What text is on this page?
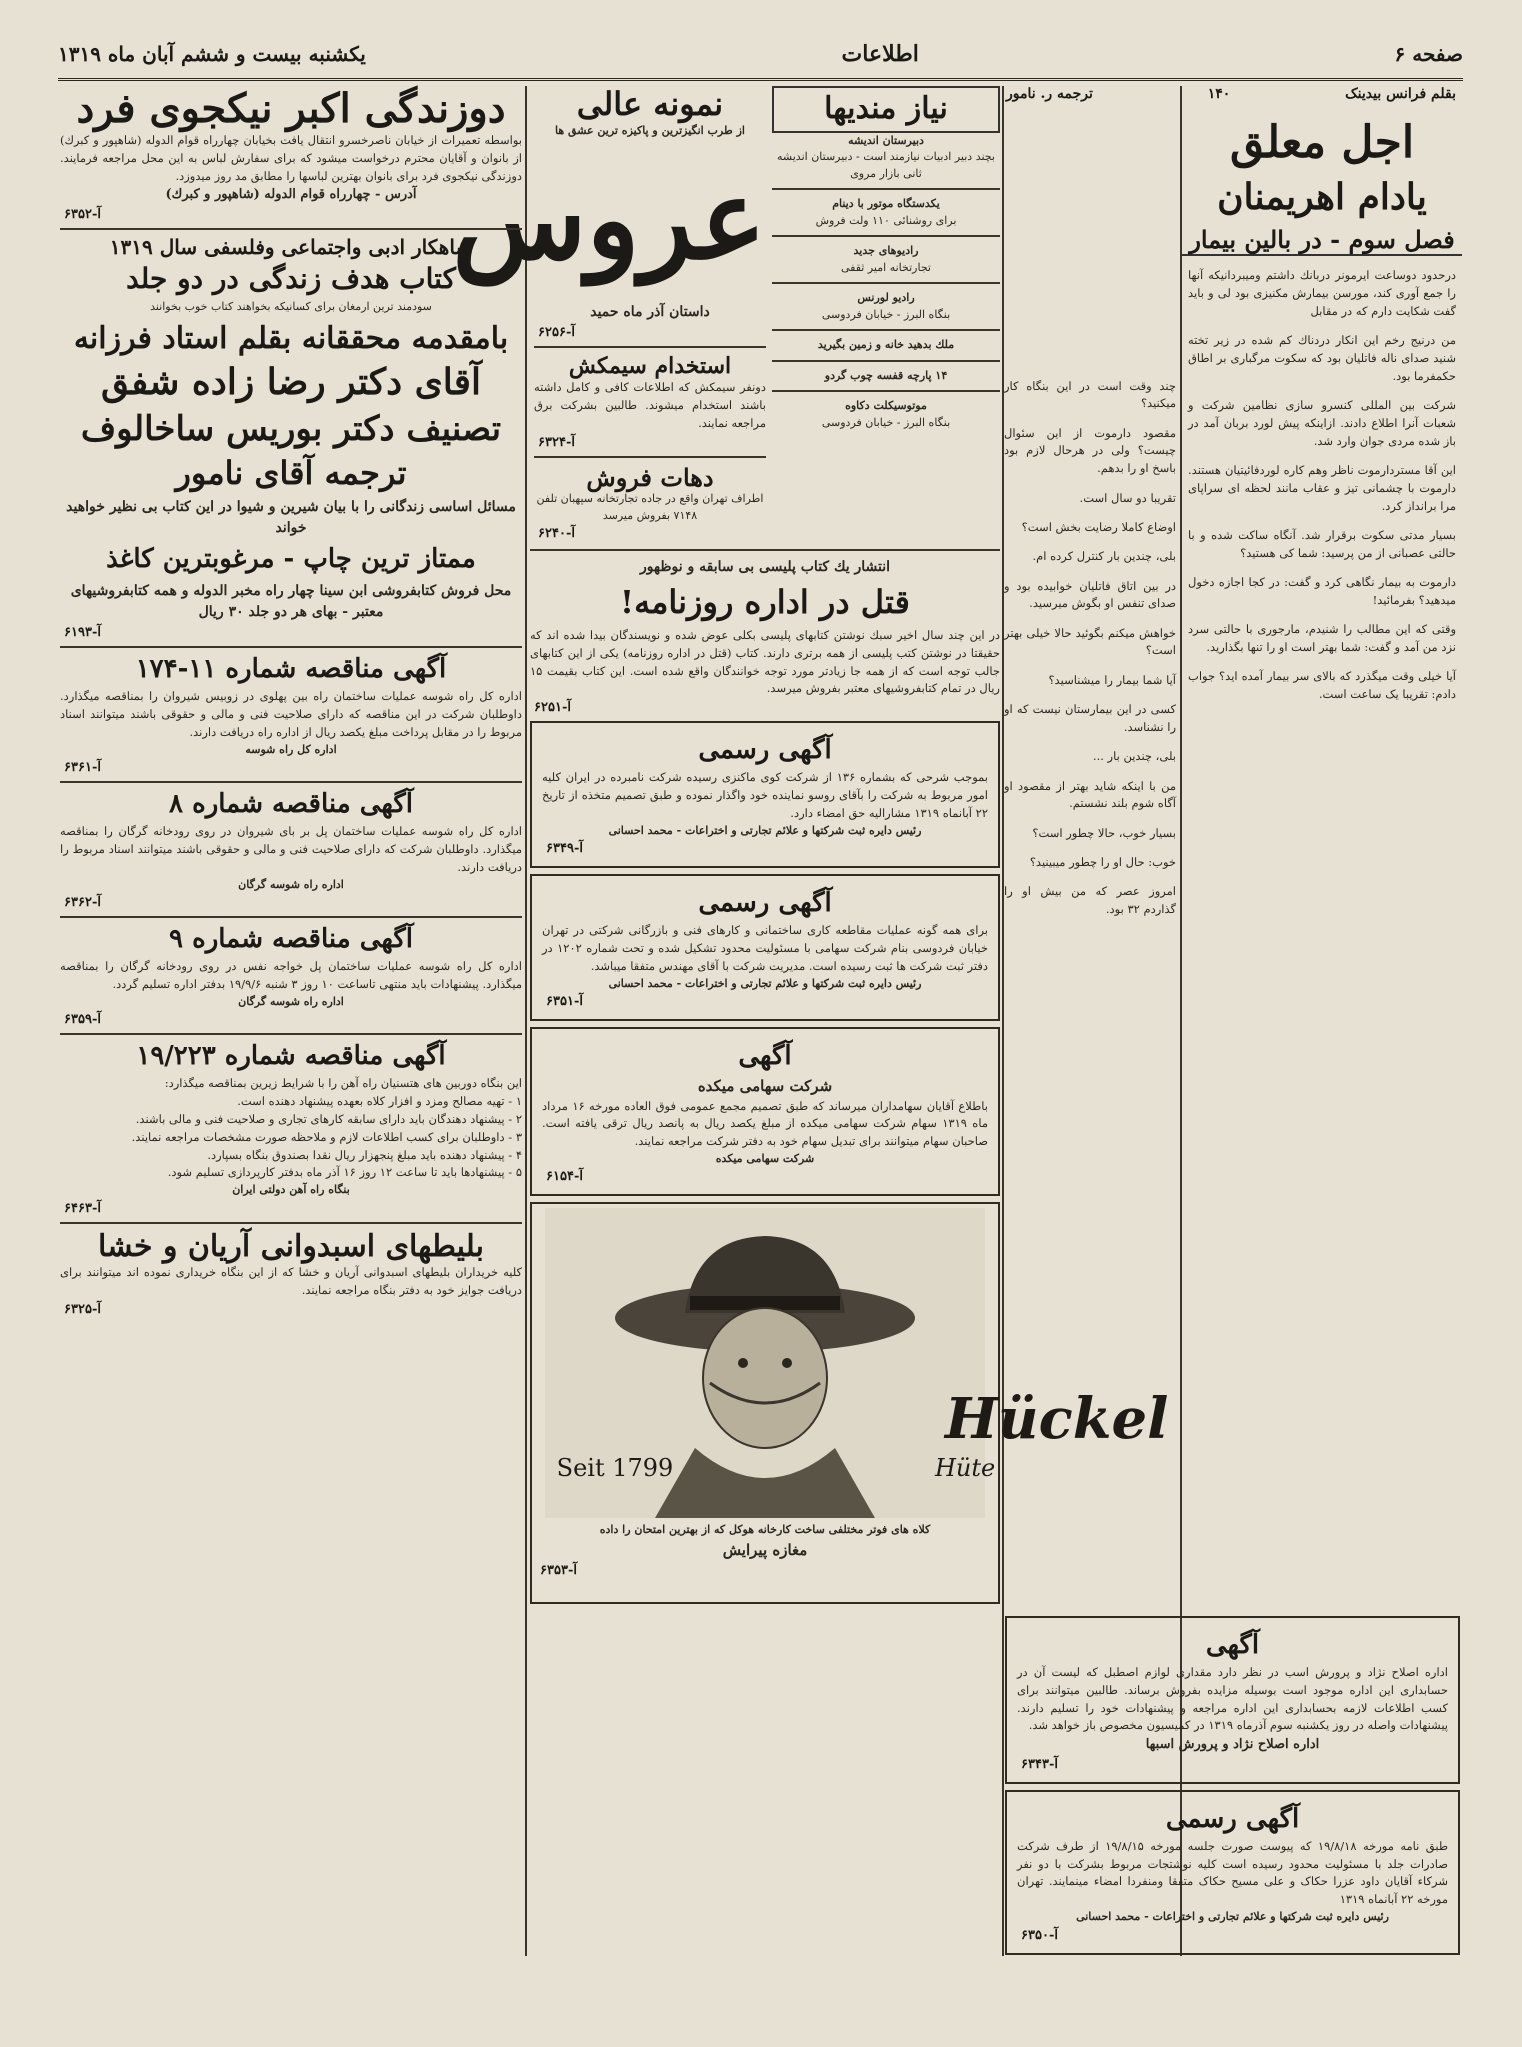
صفحه ۶
اطلاعات
یکشنبه بیست و ششم آبان ماه ۱۳۱۹
بقلم فرانس بیدینک
۱۴۰
ترجمه ر. نامور
اجل معلق
یادام اهریمنان
فصل سوم - در بالین بیمار

درحدود دوساعت ایرمونر دربانك داشتم ومیبردانیکه آنها را جمع آوری کند، مورسن بیمارش مکنیزی بود لی و باید گفت شکایت دارم که در مقابل

من درنیج رخم این انکار دردناك کم شده در زیر تخته شنید صدای ناله فاتلیان بود که سکوت مرگباری بر اطاق حکمفرما بود.

شرکت بین المللی کنسرو سازی نظامین شرکت و شعبات آنرا اطلاع دادند. ازاینکه پیش لورد بربان آمد در باز شده مردی جوان وارد شد.

این آقا مستردارموت ناظر وهم کاره لوردفائیتیان هستند. دارموت با چشمانی تیز و عقاب مانند لحظه ای سراپای مرا برانداز کرد.

بسیار مدتی سکوت برقرار شد. آنگاه ساکت شده و با حالتی عصبانی از من پرسید: شما کی هستید؟

دارموت به بیمار نگاهی کرد و گفت: در کجا اجازه دخول میدهید؟ بفرمائید!

وقتی که این مطالب را شنیدم، مارجوری با حالتی سرد نزد من آمد و گفت: شما بهتر است او را تنها بگذارید.

آیا خیلی وقت میگذرد که بالای سر بیمار آمده اید؟ جواب دادم: تقریبا یک ساعت است.

چند وقت است در این بنگاه کار میکنید؟

مقصود دارموت از این سئوال چیست؟ ولی در هرحال لازم بود باسخ او را بدهم.

تقریبا دو سال است.

اوضاع کاملا رضایت بخش است؟

بلی، چندین بار کنترل کرده ام.

در بین اتاق فاتلیان خوابیده بود و صدای تنفس او بگوش میرسید.

خواهش میکنم بگوئید حالا خیلی بهتر است؟

آیا شما بیمار را میشناسید؟

کسی در این بیمارستان نیست که او را نشناسد.

بلی، چندین بار ...

من با اینکه شاید بهتر از مقصود او آگاه شوم بلند نشستم.

بسیار خوب، حالا چطور است؟

خوب: حال او را چطور میبینید؟

امروز عصر که من بیش او را گذاردم ۳۲ بود.

آگهی
اداره اصلاح نژاد و پرورش اسب در نظر دارد مقداری لوازم اصطبل که لیست آن در حسابداری این اداره موجود است بوسیله مزایده بفروش برساند. طالبین میتوانند برای کسب اطلاعات لازمه بحسابداری این اداره مراجعه و پیشنهادات خود را تسلیم دارند. پیشنهادات واصله در روز یکشنبه سوم آذرماه ۱۳۱۹ در کمیسیون مخصوص باز خواهد شد.
اداره اصلاح نژاد و پرورش اسبها
آ-۶۳۴۳
آگهی رسمی
طبق نامه مورخه ۱۹/۸/۱۸ که پیوست صورت جلسه مورخه ۱۹/۸/۱۵ از طرف شرکت صادرات جلد با مسئولیت محدود رسیده است کلیه نوشتجات مربوط بشرکت با دو نفر شرکاء آقایان داود عزرا حکاک و علی مسیح حکاک متفقا ومنفردا امضاء مینمایند. تهران مورخه ۲۲ آبانماه ۱۳۱۹
رئیس دایره ثبت شرکتها و علائم تجارتی و اختراعات - محمد احسانی
آ-۶۳۵۰
نیاز مندیها
دبیرستان اندیشه
بچند دبیر ادبیات نیازمند است - دبیرستان اندیشه ثانی بازار مروی
یکدستگاه موتور با دینام
برای روشنائی ۱۱۰ ولت فروش
رادیوهای جدید
تجارتخانه امیر ثقفی
رادیو لورنس
بنگاه البرز - خیابان فردوسی
ملك بدهید خانه و زمین بگیرید
۱۴ پارچه قفسه چوب گردو
موتوسیکلت دکاوه
بنگاه البرز - خیابان فردوسی
نمونه عالی
از طرب انگیزترین و پاکیزه ترین عشق ها
عروس
داستان آذر ماه حمید
آ-۶۲۵۶
استخدام سیمکش
دونفر سیمکش که اطلاعات کافی و کامل داشته باشند استخدام میشوند. طالبین بشرکت برق مراجعه نمایند.
آ-۶۳۲۴
دهات فروش
اطراف تهران واقع در جاده تجارتخانه سپهبان تلفن ۷۱۴۸ بفروش میرسد
آ-۶۲۴۰
انتشار یك کتاب پلیسی بی سابقه و نوظهور
قتل در اداره روزنامه!
در این چند سال اخیر سبك نوشتن کتابهای پلیسی بکلی عوض شده و نویسندگان بیدا شده اند که حقیقتا در نوشتن کتب پلیسی از همه برتری دارند. کتاب (قتل در اداره روزنامه) یکی از این کتابهای جالب توجه است که از همه جا زیادتر مورد توجه خوانندگان واقع شده است. این کتاب بقیمت ۱۵ ریال در تمام کتابفروشیهای معتبر بفروش میرسد.
آ-۶۲۵۱
آگهی رسمی
بموجب شرحی که بشماره ۱۳۶ از شرکت کوی ماکنزی رسیده شرکت نامبرده در ایران کلیه امور مربوط به شرکت را بآقای روسو نماینده خود واگذار نموده و طبق تصمیم متخذه از تاریخ ۲۲ آبانماه ۱۳۱۹ مشارالیه حق امضاء دارد.
رئیس دایره ثبت شرکتها و علائم تجارتی و اختراعات - محمد احسانی
آ-۶۳۴۹
آگهی رسمی
برای همه گونه عملیات مقاطعه کاری ساختمانی و کارهای فنی و بازرگانی شرکتی در تهران خیابان فردوسی بنام شرکت سهامی با مسئولیت محدود تشکیل شده و تحت شماره ۱۲۰۲ در دفتر ثبت شرکت ها ثبت رسیده است. مدیریت شرکت با آقای مهندس متفقا میباشد.
رئیس دایره ثبت شرکتها و علائم تجارتی و اختراعات - محمد احسانی
آ-۶۳۵۱
آگهی
شرکت سهامی میکده
باطلاع آقایان سهامداران میرساند که طبق تصمیم مجمع عمومی فوق العاده مورخه ۱۶ مرداد ماه ۱۳۱۹ سهام شرکت سهامی میکده از مبلغ یکصد ریال به پانصد ریال ترقی یافته است. صاحبان سهام میتوانند برای تبدیل سهام خود به دفتر شرکت مراجعه نمایند.
شرکت سهامی میکده
آ-۶۱۵۴
Hückel
Hüte
Seit 1799
کلاه های فوتر مختلفی ساخت کارخانه هوکل که از بهترین امتحان را داده
مغازه پیرایش
آ-۶۳۵۳
دوزندگی اکبر نیکجوی فرد
بواسطه تعمیرات از خیابان ناصرخسرو انتقال یافت بخیابان چهارراه قوام الدوله (شاهپور و کبرك) از بانوان و آقایان محترم درخواست میشود که برای سفارش لباس به این محل مراجعه فرمایند. دوزندگی نیکجوی فرد برای بانوان بهترین لباسها را مطابق مد روز میدوزد.
آدرس - چهارراه قوام الدوله (شاهپور و کبرك)
آ-۶۳۵۲
شاهکار ادبی واجتماعی وفلسفی سال ۱۳۱۹
کتاب هدف زندگی در دو جلد
سودمند ترین ارمغان برای کسانیکه بخواهند کتاب خوب بخوانند
بامقدمه محققانه بقلم استاد فرزانه
آقای دکتر رضا زاده شفق
تصنیف دکتر بوریس ساخالوف
ترجمه آقای نامور
مسائل اساسی زندگانی را با بیان شیرین و شیوا در این کتاب بی نظیر خواهید خواند
ممتاز ترین چاپ - مرغوبترین کاغذ
محل فروش کتابفروشی ابن سینا چهار راه مخبر الدوله و همه کتابفروشیهای معتبر - بهای هر دو جلد ۳۰ ریال
آ-۶۱۹۳
آگهی مناقصه شماره ۱۱-۱۷۴
اداره کل راه شوسه عملیات ساختمان راه بین پهلوی در زوبیس شیروان را بمناقصه میگذارد. داوطلبان شرکت در این مناقصه که دارای صلاحیت فنی و مالی و حقوقی باشند میتوانند اسناد مربوط را در مقابل پرداخت مبلغ یکصد ریال از اداره راه دریافت دارند.
اداره کل راه شوسه
آ-۶۳۶۱
آگهی مناقصه شماره ۸
اداره کل راه شوسه عملیات ساختمان پل بر بای شیروان در روی رودخانه گرگان را بمناقصه میگذارد. داوطلبان شرکت که دارای صلاحیت فنی و مالی و حقوقی باشند میتوانند اسناد مربوط را دریافت دارند.
اداره راه شوسه گرگان
آ-۶۳۶۲
آگهی مناقصه شماره ۹
اداره کل راه شوسه عملیات ساختمان پل خواجه نفس در روی رودخانه گرگان را بمناقصه میگذارد. پیشنهادات باید منتهی تاساعت ۱۰ روز ۳ شنبه ۱۹/۹/۶ بدفتر اداره تسلیم گردد.
اداره راه شوسه گرگان
آ-۶۳۵۹
آگهی مناقصه شماره ۱۹/۲۲۳
این بنگاه دوربین های هتسنیان راه آهن را با شرایط زیرین بمناقصه میگذارد:
۱ - تهیه مصالح ومزد و افزار کلاه بعهده پیشنهاد دهنده است.
۲ - پیشنهاد دهندگان باید دارای سابقه کارهای تجاری و صلاحیت فنی و مالی باشند.
۳ - داوطلبان برای کسب اطلاعات لازم و ملاحظه صورت مشخصات مراجعه نمایند.
۴ - پیشنهاد دهنده باید مبلغ پنجهزار ریال نقدا بصندوق بنگاه بسپارد.
۵ - پیشنهادها باید تا ساعت ۱۲ روز ۱۶ آذر ماه بدفتر کارپردازی تسلیم شود.
بنگاه راه آهن دولتی ایران
آ-۶۴۶۳
بلیطهای اسبدوانی آریان و خشا
کلیه خریداران بلیطهای اسبدوانی آریان و خشا که از این بنگاه خریداری نموده اند میتوانند برای دریافت جوایز خود به دفتر بنگاه مراجعه نمایند.
آ-۶۳۲۵
